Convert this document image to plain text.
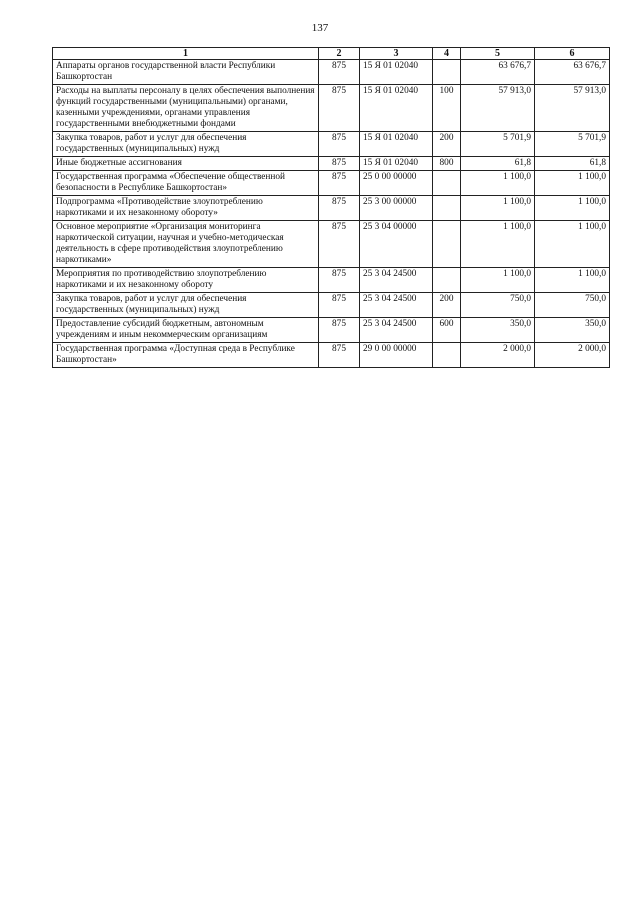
137
1	2	3	4	5	6
Аппараты органов государственной власти Республики Башкортостан	875	15 Я 01 02040		63 676,7	63 676,7
Расходы на выплаты персоналу в целях обеспечения выполнения функций государственными (муниципальными) органами, казенными учреждениями, органами управления государственными внебюджетными фондами	875	15 Я 01 02040	100	57 913,0	57 913,0
Закупка товаров, работ и услуг для обеспечения государственных (муниципальных) нужд	875	15 Я 01 02040	200	5 701,9	5 701,9
Иные бюджетные ассигнования	875	15 Я 01 02040	800	61,8	61,8
Государственная программа «Обеспечение общественной безопасности в Республике Башкортостан»	875	25 0 00 00000		1 100,0	1 100,0
Подпрограмма «Противодействие злоупотреблению наркотиками и их незаконному обороту»	875	25 3 00 00000		1 100,0	1 100,0
Основное мероприятие «Организация мониторинга наркотической ситуации, научная и учебно-методическая деятельность в сфере противодействия злоупотреблению наркотиками»	875	25 3 04 00000		1 100,0	1 100,0
Мероприятия по противодействию злоупотреблению наркотиками и их незаконному обороту	875	25 3 04 24500		1 100,0	1 100,0
Закупка товаров, работ и услуг для обеспечения государственных (муниципальных) нужд	875	25 3 04 24500	200	750,0	750,0
Предоставление субсидий бюджетным, автономным учреждениям и иным некоммерческим организациям	875	25 3 04 24500	600	350,0	350,0
Государственная программа «Доступная среда в Республике Башкортостан»	875	29 0 00 00000		2 000,0	2 000,0
